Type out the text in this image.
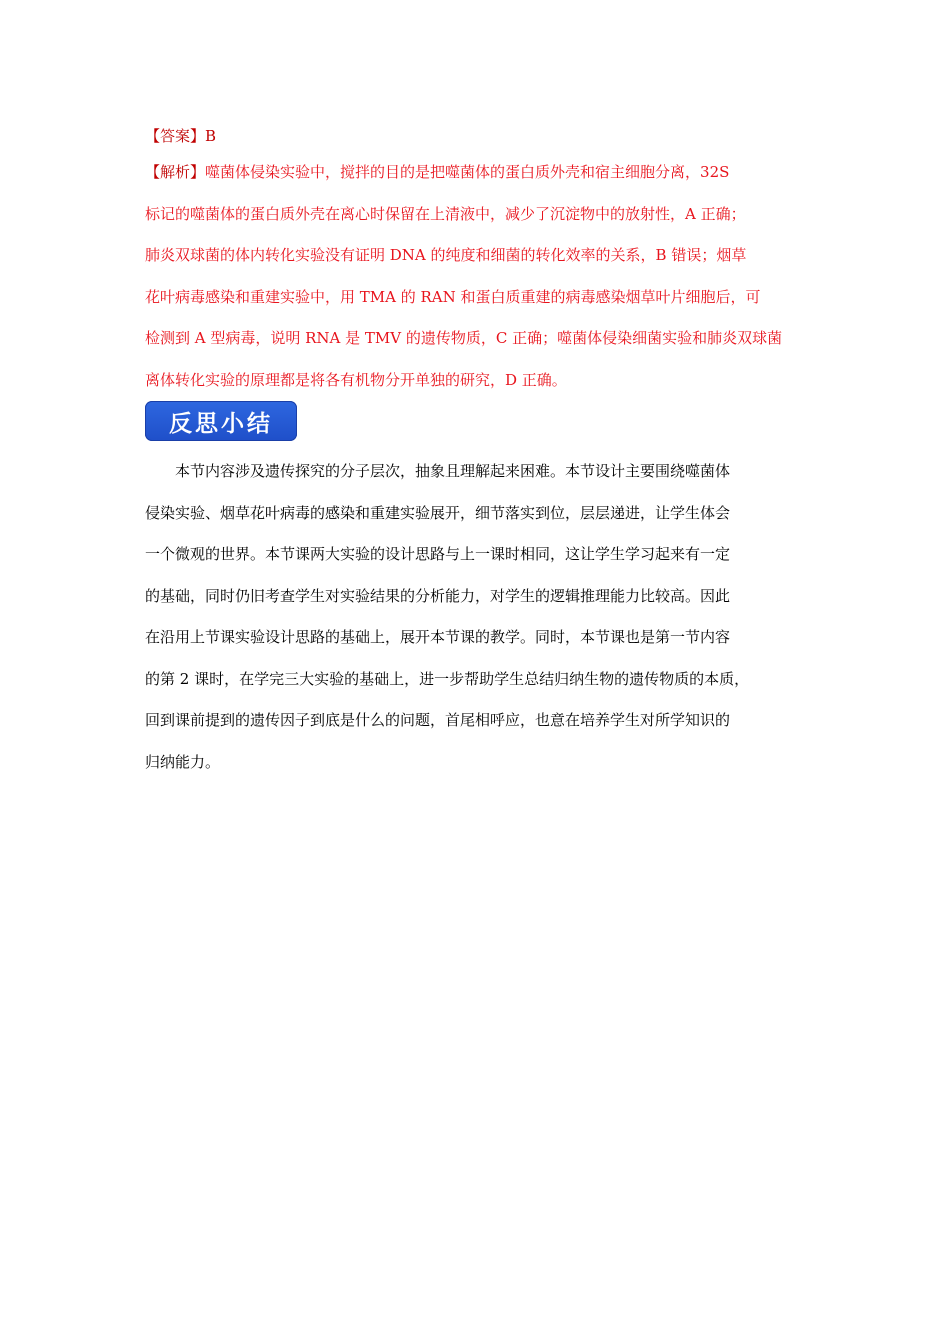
【答案】B
【解析】噬菌体侵染实验中，搅拌的目的是把噬菌体的蛋白质外壳和宿主细胞分离，32S
标记的噬菌体的蛋白质外壳在离心时保留在上清液中，减少了沉淀物中的放射性，A 正确；
肺炎双球菌的体内转化实验没有证明 DNA 的纯度和细菌的转化效率的关系，B 错误；烟草
花叶病毒感染和重建实验中，用 TMA 的 RAN 和蛋白质重建的病毒感染烟草叶片细胞后，可
检测到 A 型病毒，说明 RNA 是 TMV 的遗传物质，C 正确；噬菌体侵染细菌实验和肺炎双球菌
离体转化实验的原理都是将各有机物分开单独的研究，D 正确。
反思小结
　　本节内容涉及遗传探究的分子层次，抽象且理解起来困难。本节设计主要围绕噬菌体
侵染实验、烟草花叶病毒的感染和重建实验展开，细节落实到位，层层递进，让学生体会
一个微观的世界。本节课两大实验的设计思路与上一课时相同，这让学生学习起来有一定
的基础，同时仍旧考查学生对实验结果的分析能力，对学生的逻辑推理能力比较高。因此
在沿用上节课实验设计思路的基础上，展开本节课的教学。同时，本节课也是第一节内容
的第 2 课时，在学完三大实验的基础上，进一步帮助学生总结归纳生物的遗传物质的本质，
回到课前提到的遗传因子到底是什么的问题，首尾相呼应，也意在培养学生对所学知识的
归纳能力。
